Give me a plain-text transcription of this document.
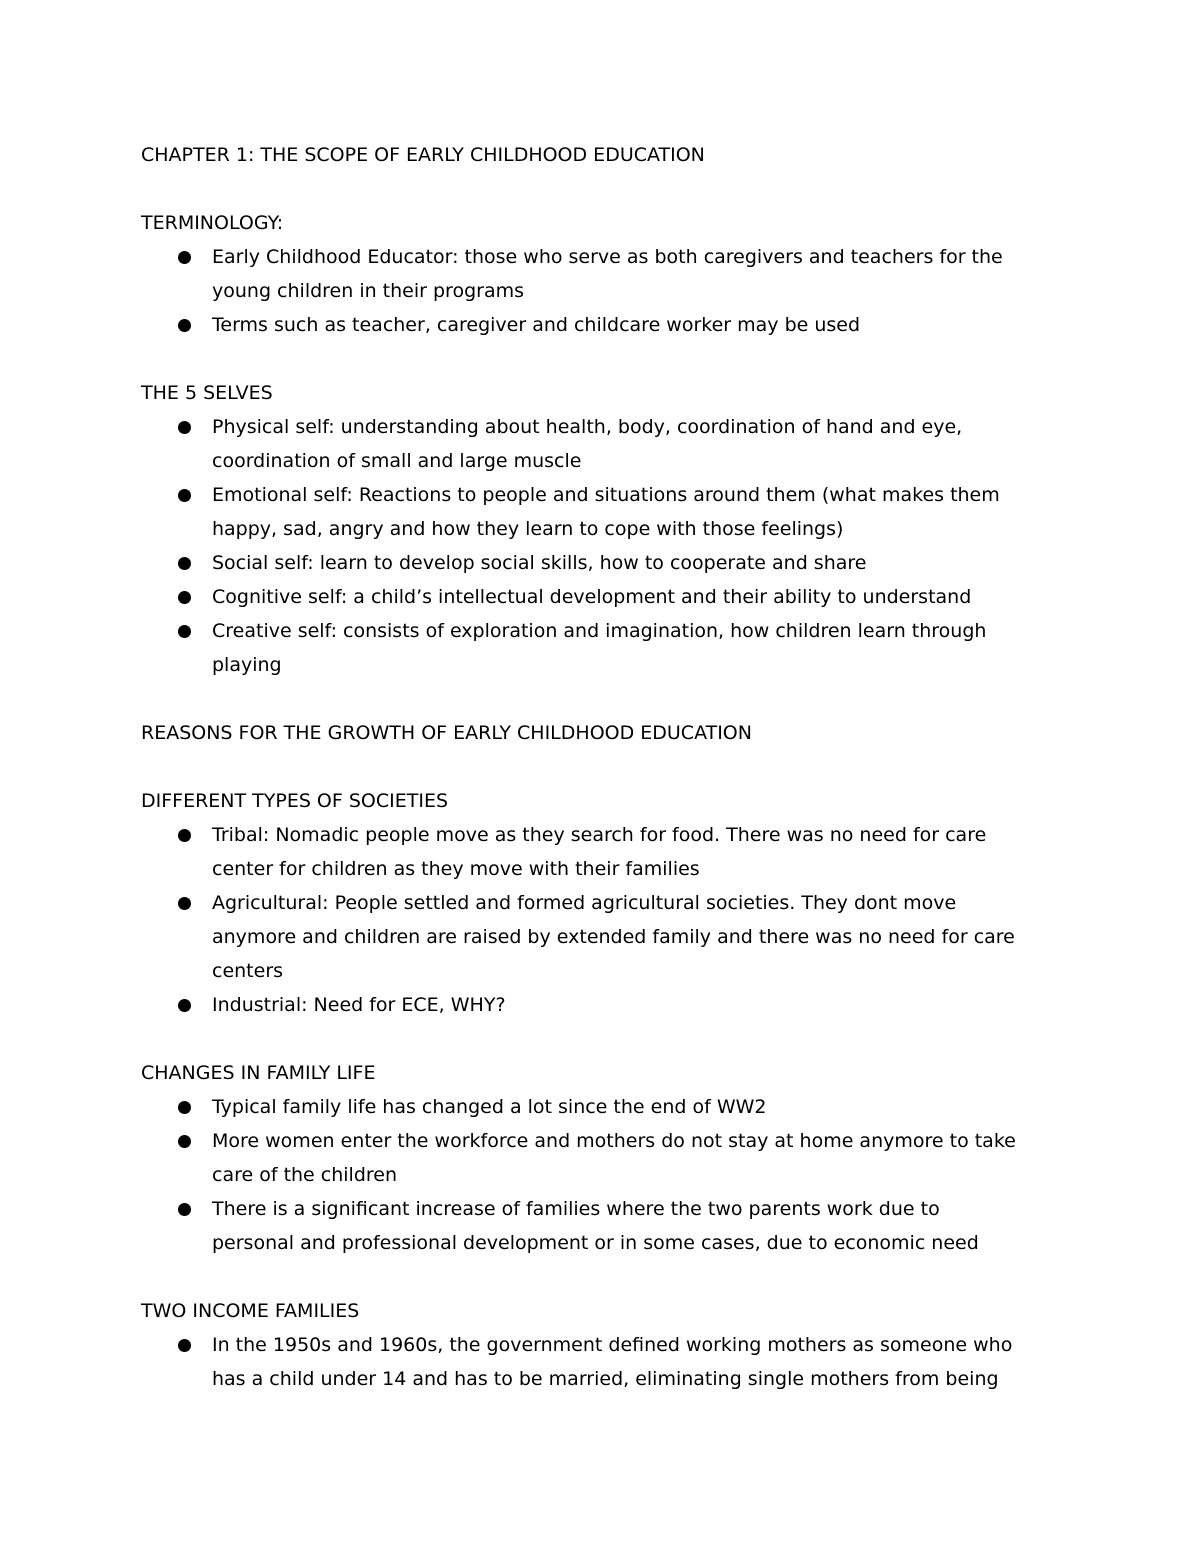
CHAPTER 1: THE SCOPE OF EARLY CHILDHOOD EDUCATION
TERMINOLOGY:
Early Childhood Educator: those who serve as both caregivers and teachers for the
young children in their programs
Terms such as teacher, caregiver and childcare worker may be used
THE 5 SELVES
Physical self: understanding about health, body, coordination of hand and eye,
coordination of small and large muscle
Emotional self: Reactions to people and situations around them (what makes them
happy, sad, angry and how they learn to cope with those feelings)
Social self: learn to develop social skills, how to cooperate and share
Cognitive self: a child’s intellectual development and their ability to understand
Creative self: consists of exploration and imagination, how children learn through
playing
REASONS FOR THE GROWTH OF EARLY CHILDHOOD EDUCATION
DIFFERENT TYPES OF SOCIETIES
Tribal: Nomadic people move as they search for food. There was no need for care
center for children as they move with their families
Agricultural: People settled and formed agricultural societies. They dont move
anymore and children are raised by extended family and there was no need for care
centers
Industrial: Need for ECE, WHY?
CHANGES IN FAMILY LIFE
Typical family life has changed a lot since the end of WW2
More women enter the workforce and mothers do not stay at home anymore to take
care of the children
There is a significant increase of families where the two parents work due to
personal and professional development or in some cases, due to economic need
TWO INCOME FAMILIES
In the 1950s and 1960s, the government defined working mothers as someone who
has a child under 14 and has to be married, eliminating single mothers from being
